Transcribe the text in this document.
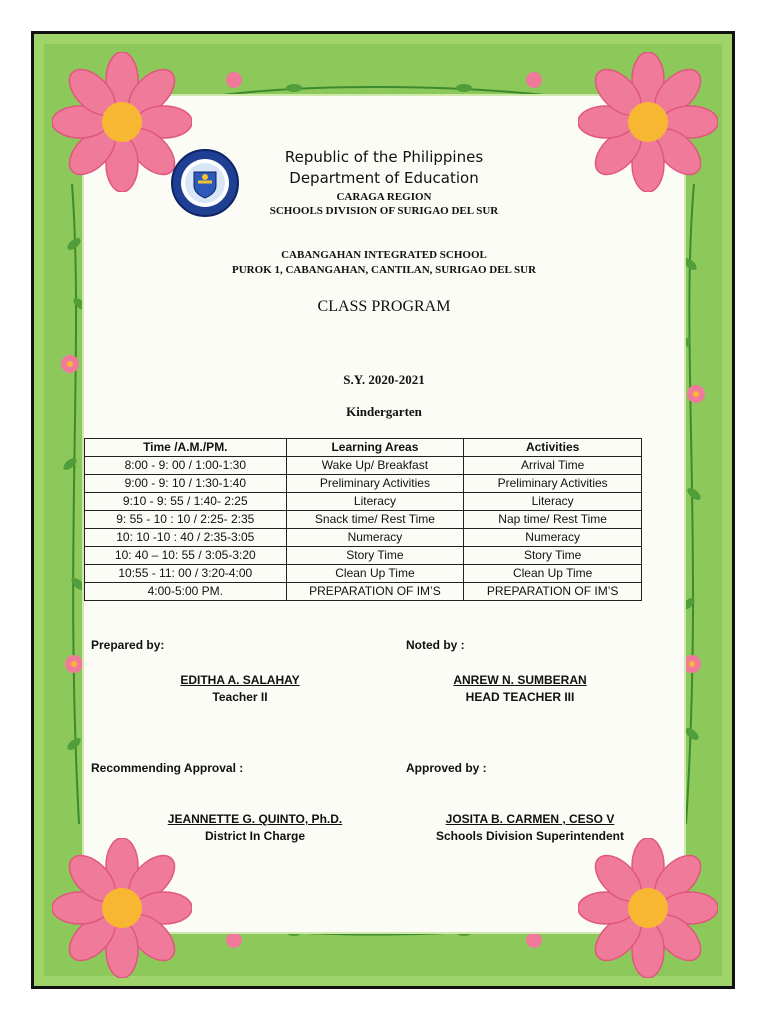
Republic of the Philippines
Department of Education
CARAGA REGION
SCHOOLS DIVISION OF SURIGAO DEL SUR
CABANGAHAN INTEGRATED SCHOOL
PUROK 1, CABANGAHAN, CANTILAN, SURIGAO DEL SUR
CLASS PROGRAM
S.Y. 2020-2021
Kindergarten
Time /A.M./PM.	Learning Areas	Activities
8:00 - 9: 00 / 1:00-1:30	Wake Up/ Breakfast	Arrival Time
9:00 - 9: 10 / 1:30-1:40	Preliminary Activities	Preliminary Activities
9:10 - 9: 55 / 1:40- 2:25	Literacy	Literacy
9: 55 - 10 : 10 / 2:25- 2:35	Snack time/ Rest Time	Nap time/ Rest Time
10: 10 -10 : 40 / 2:35-3:05	Numeracy	Numeracy
10: 40 – 10: 55 / 3:05-3:20	Story Time	Story Time
10:55 - 11: 00 / 3:20-4:00	Clean Up Time	Clean Up Time
4:00-5:00 PM.	PREPARATION OF IM’S	PREPARATION OF IM’S
Prepared by:	Noted by :
EDITHA A. SALAHAY
Teacher II
ANREW N. SUMBERAN
HEAD TEACHER III
Recommending Approval :	Approved by :
JEANNETTE G. QUINTO, Ph.D.
District In Charge
JOSITA B. CARMEN , CESO V
Schools Division Superintendent
